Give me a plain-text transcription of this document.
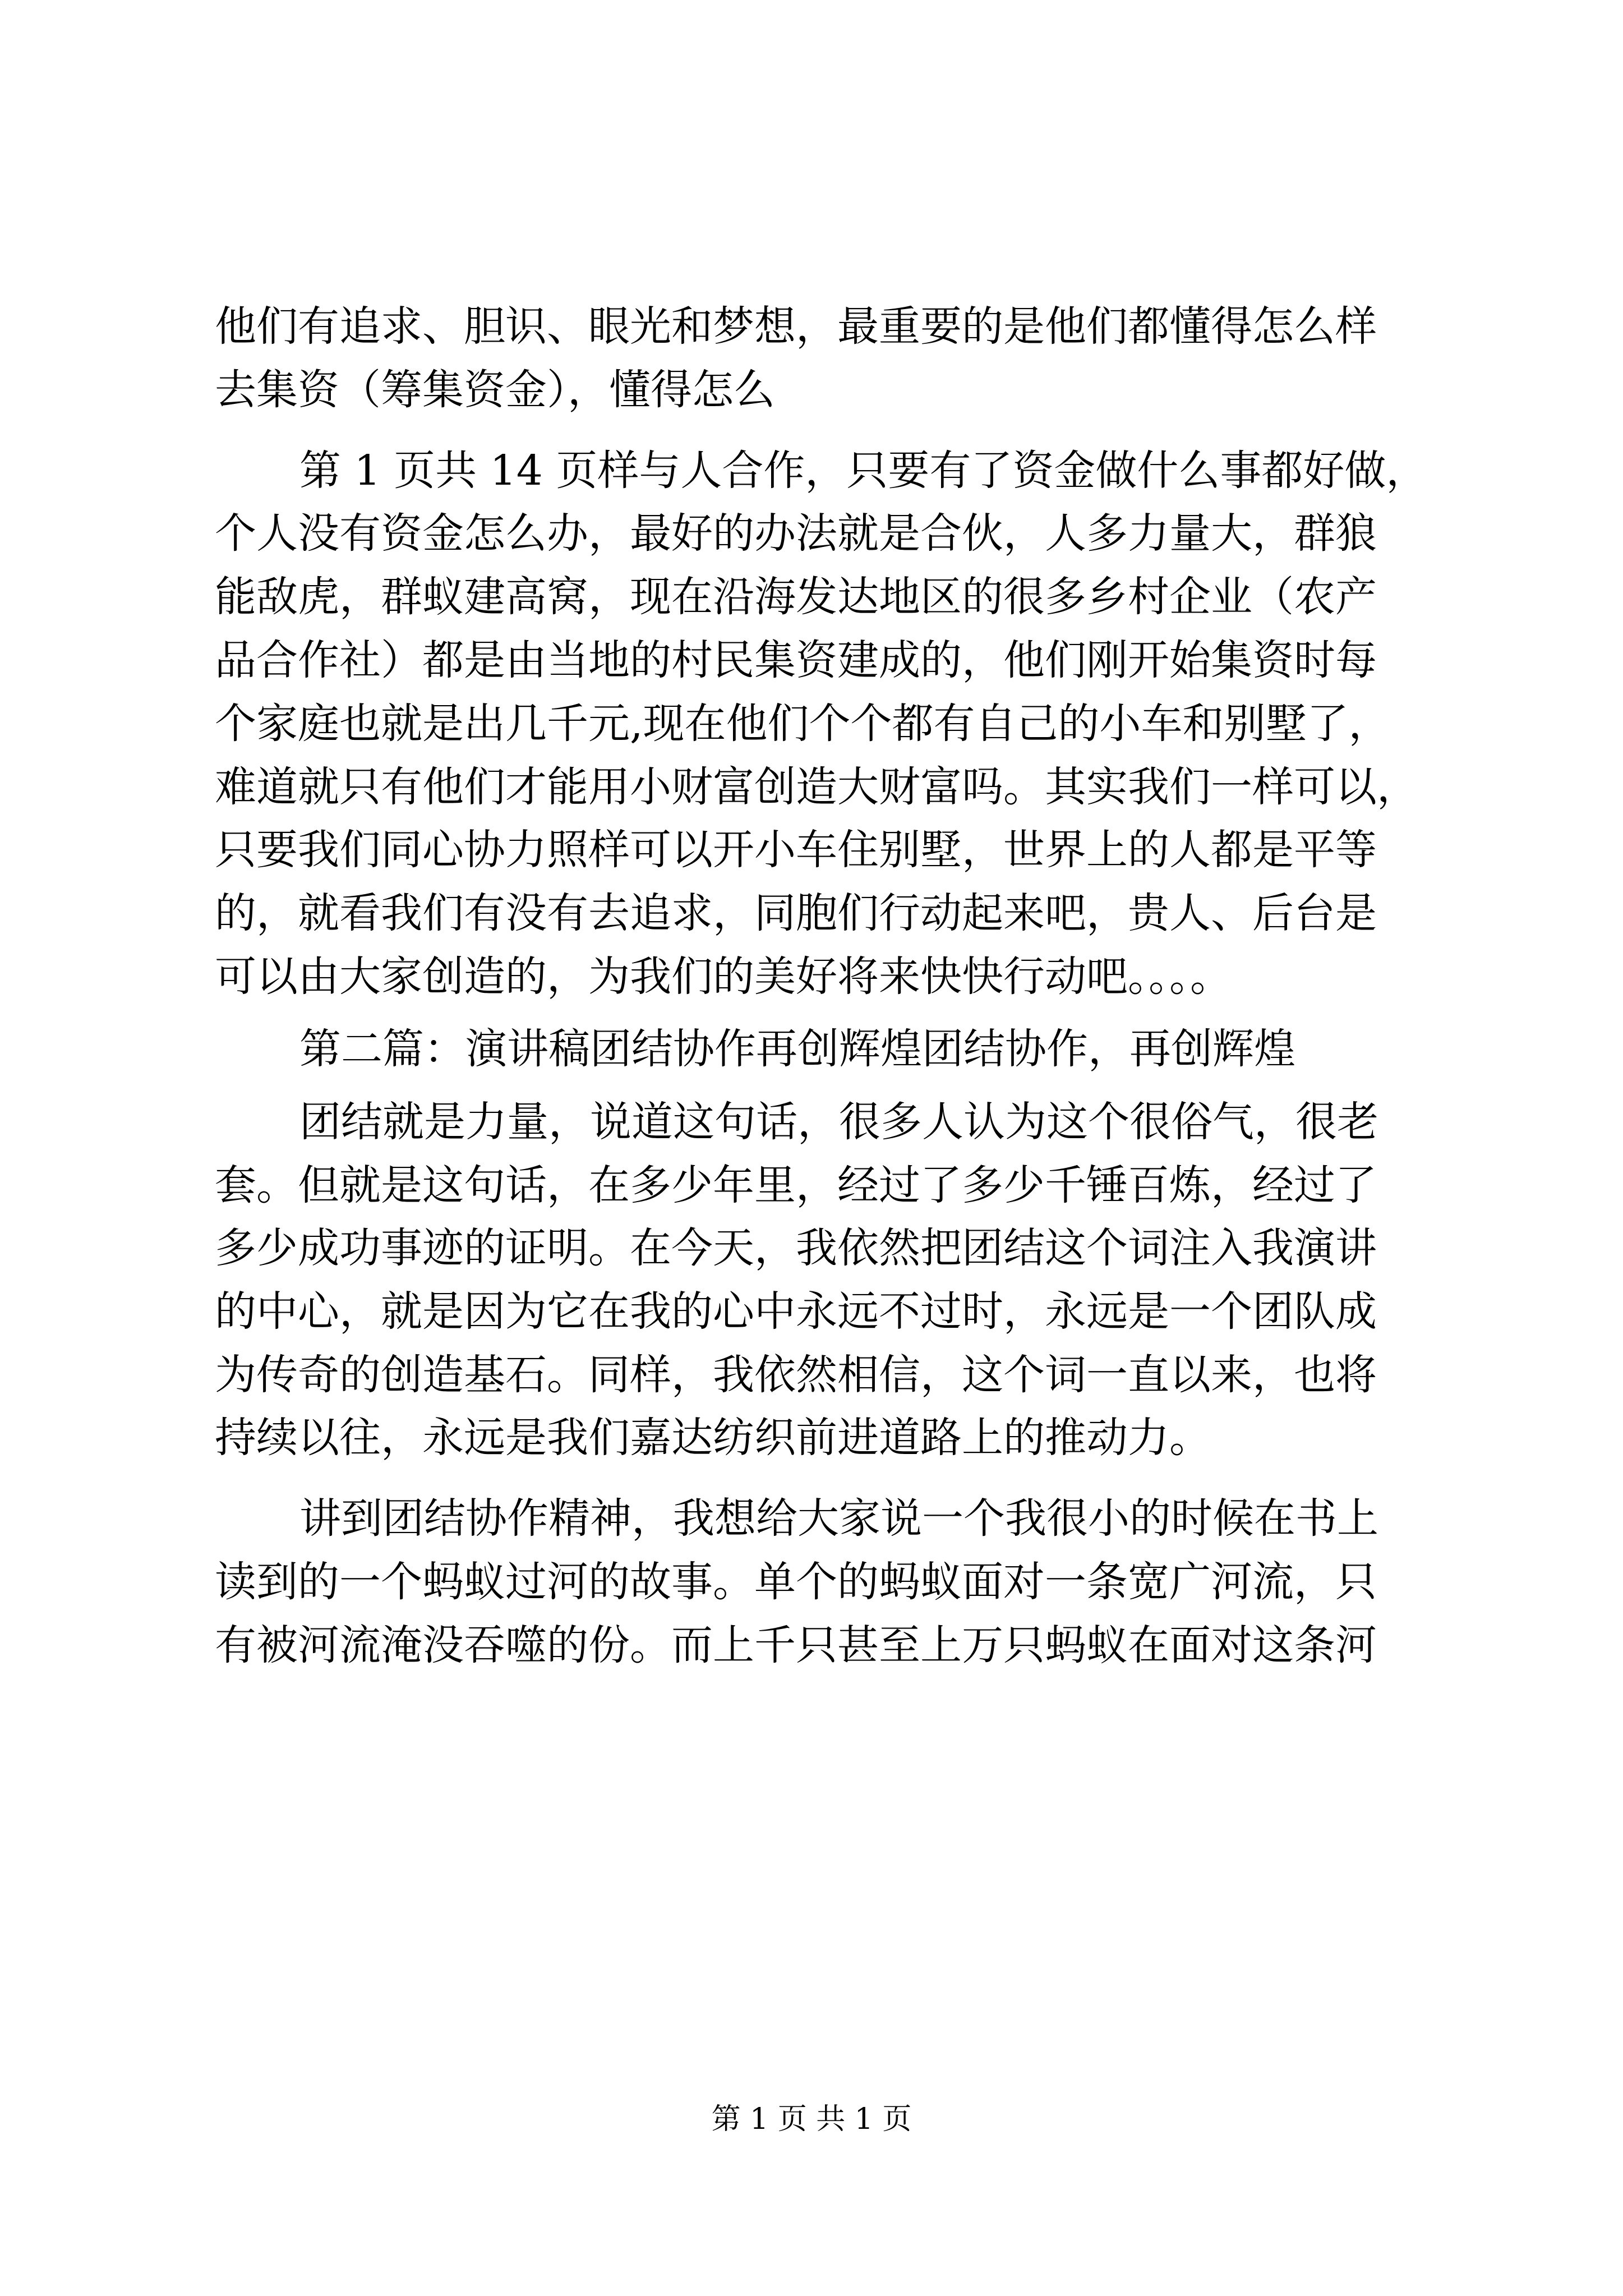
他们有追求、胆识、眼光和梦想，最重要的是他们都懂得怎么样
去集资（筹集资金），懂得怎么
第 1 页共 14 页样与人合作，只要有了资金做什么事都好做，
个人没有资金怎么办，最好的办法就是合伙，人多力量大，群狼
能敌虎，群蚁建高窝，现在沿海发达地区的很多乡村企业（农产
品合作社）都是由当地的村民集资建成的，他们刚开始集资时每
个家庭也就是出几千元,现在他们个个都有自己的小车和别墅了，
难道就只有他们才能用小财富创造大财富吗。其实我们一样可以，
只要我们同心协力照样可以开小车住别墅，世界上的人都是平等
的，就看我们有没有去追求，同胞们行动起来吧，贵人、后台是
可以由大家创造的，为我们的美好将来快快行动吧。。。。
第二篇：演讲稿团结协作再创辉煌团结协作，再创辉煌
团结就是力量，说道这句话，很多人认为这个很俗气，很老
套。但就是这句话，在多少年里，经过了多少千锤百炼，经过了
多少成功事迹的证明。在今天，我依然把团结这个词注入我演讲
的中心，就是因为它在我的心中永远不过时，永远是一个团队成
为传奇的创造基石。同样，我依然相信，这个词一直以来，也将
持续以往，永远是我们嘉达纺织前进道路上的推动力。
讲到团结协作精神，我想给大家说一个我很小的时候在书上
读到的一个蚂蚁过河的故事。单个的蚂蚁面对一条宽广河流，只
有被河流淹没吞噬的份。而上千只甚至上万只蚂蚁在面对这条河
第 1 页 共 1 页
